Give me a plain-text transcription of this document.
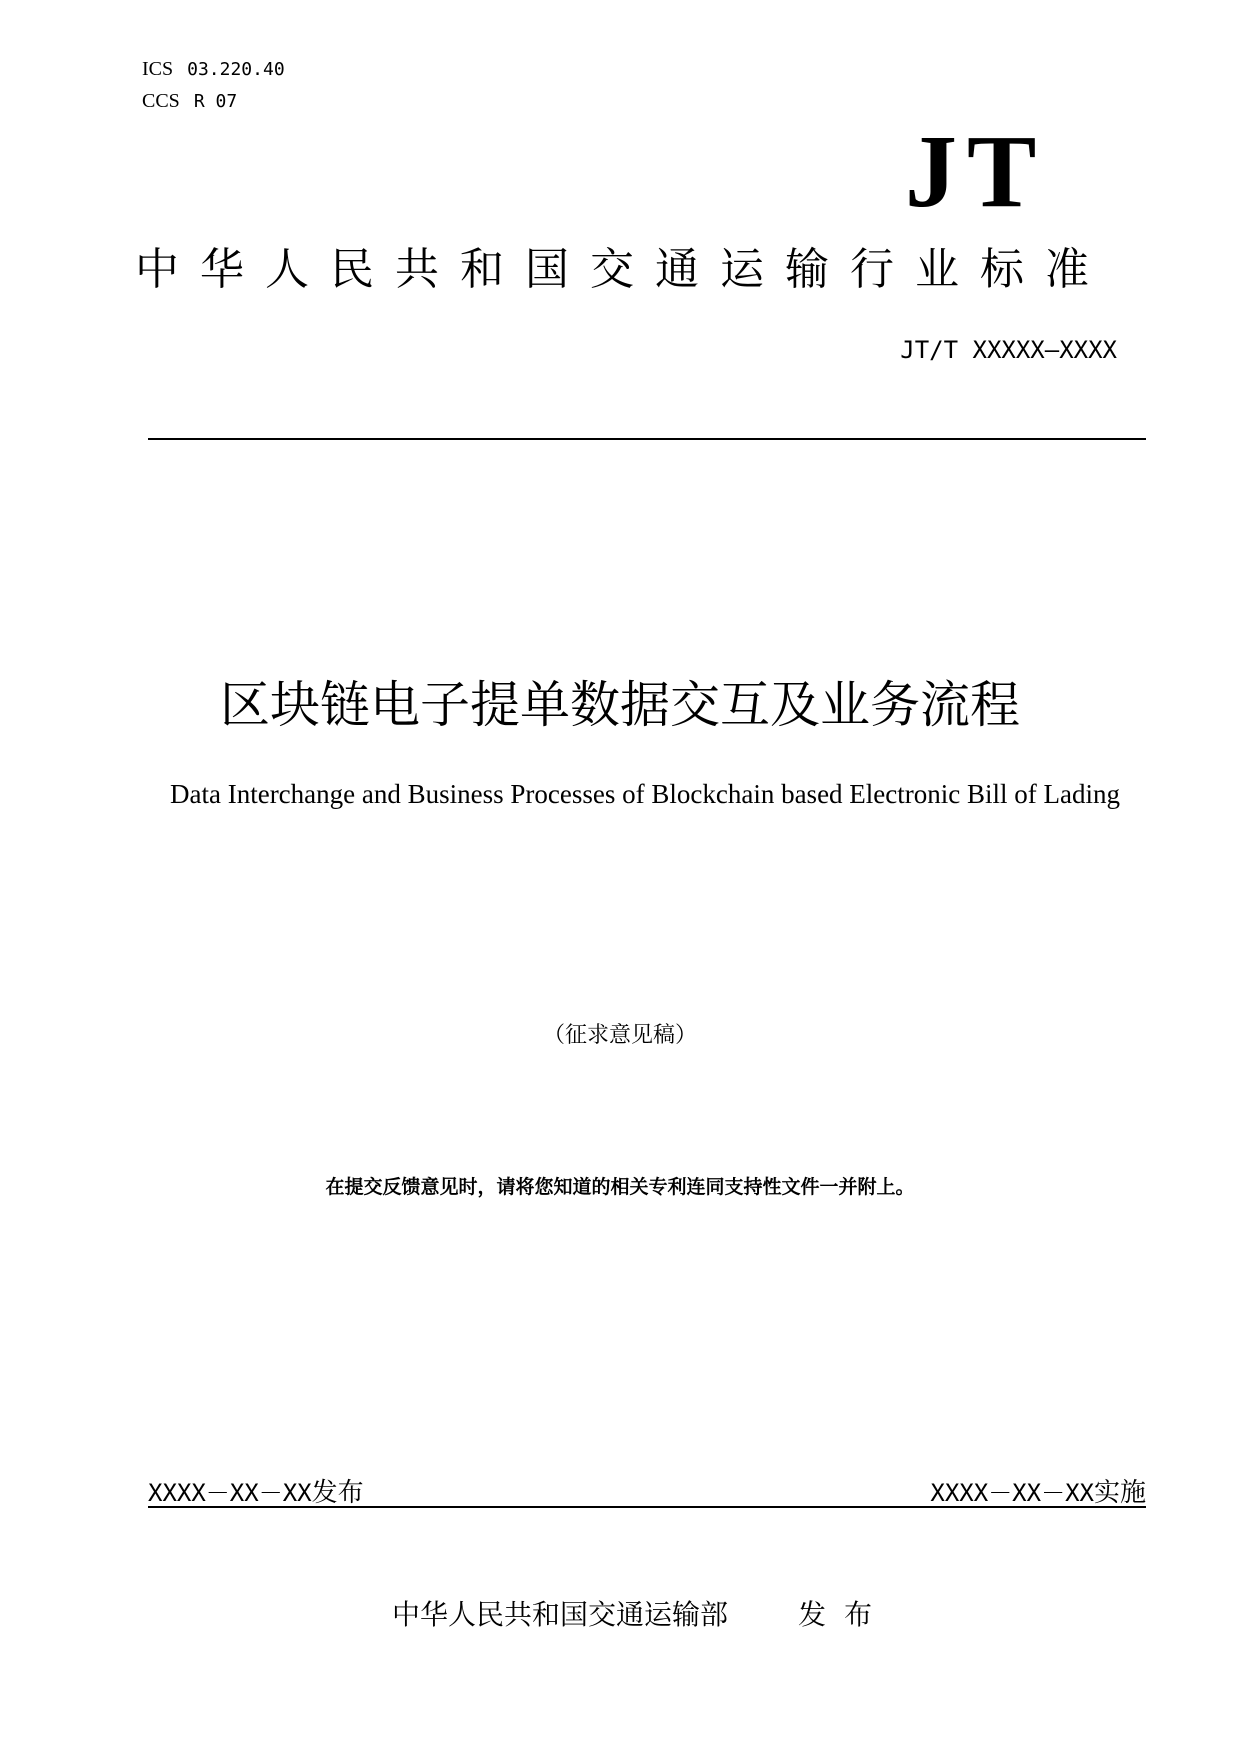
ICS 03.220.40
CCS R 07
JT
中华人民共和国交通运输行业标准
JT/T XXXXX—XXXX
区块链电子提单数据交互及业务流程
Data Interchange and Business Processes of Blockchain based Electronic Bill of Lading
（征求意见稿）
在提交反馈意见时，请将您知道的相关专利连同支持性文件一并附上。
XXXX－XX－XX发布	XXXX－XX－XX实施
中华人民共和国交通运输部 发布
